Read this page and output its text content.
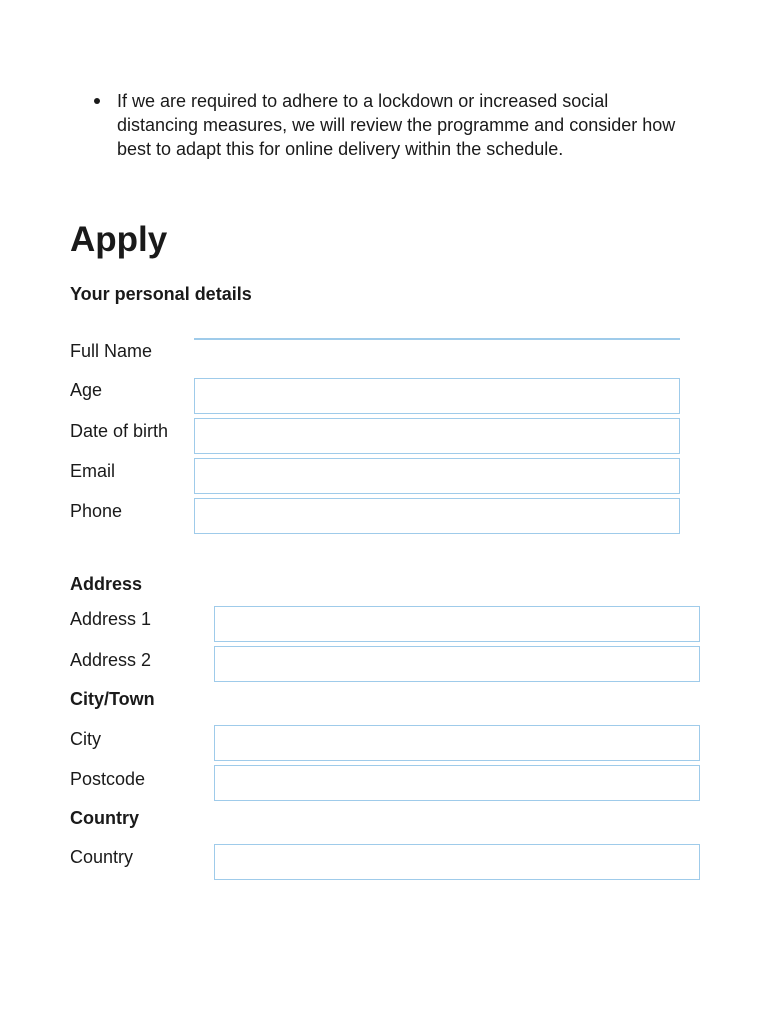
If we are required to adhere to a lockdown or increased social distancing measures, we will review the programme and consider how best to adapt this for online delivery within the schedule.
Apply
Your personal details
Full Name
Age
Date of birth
Email
Phone
Address
Address 1
Address 2
City/Town
City
Postcode
Country
Country
